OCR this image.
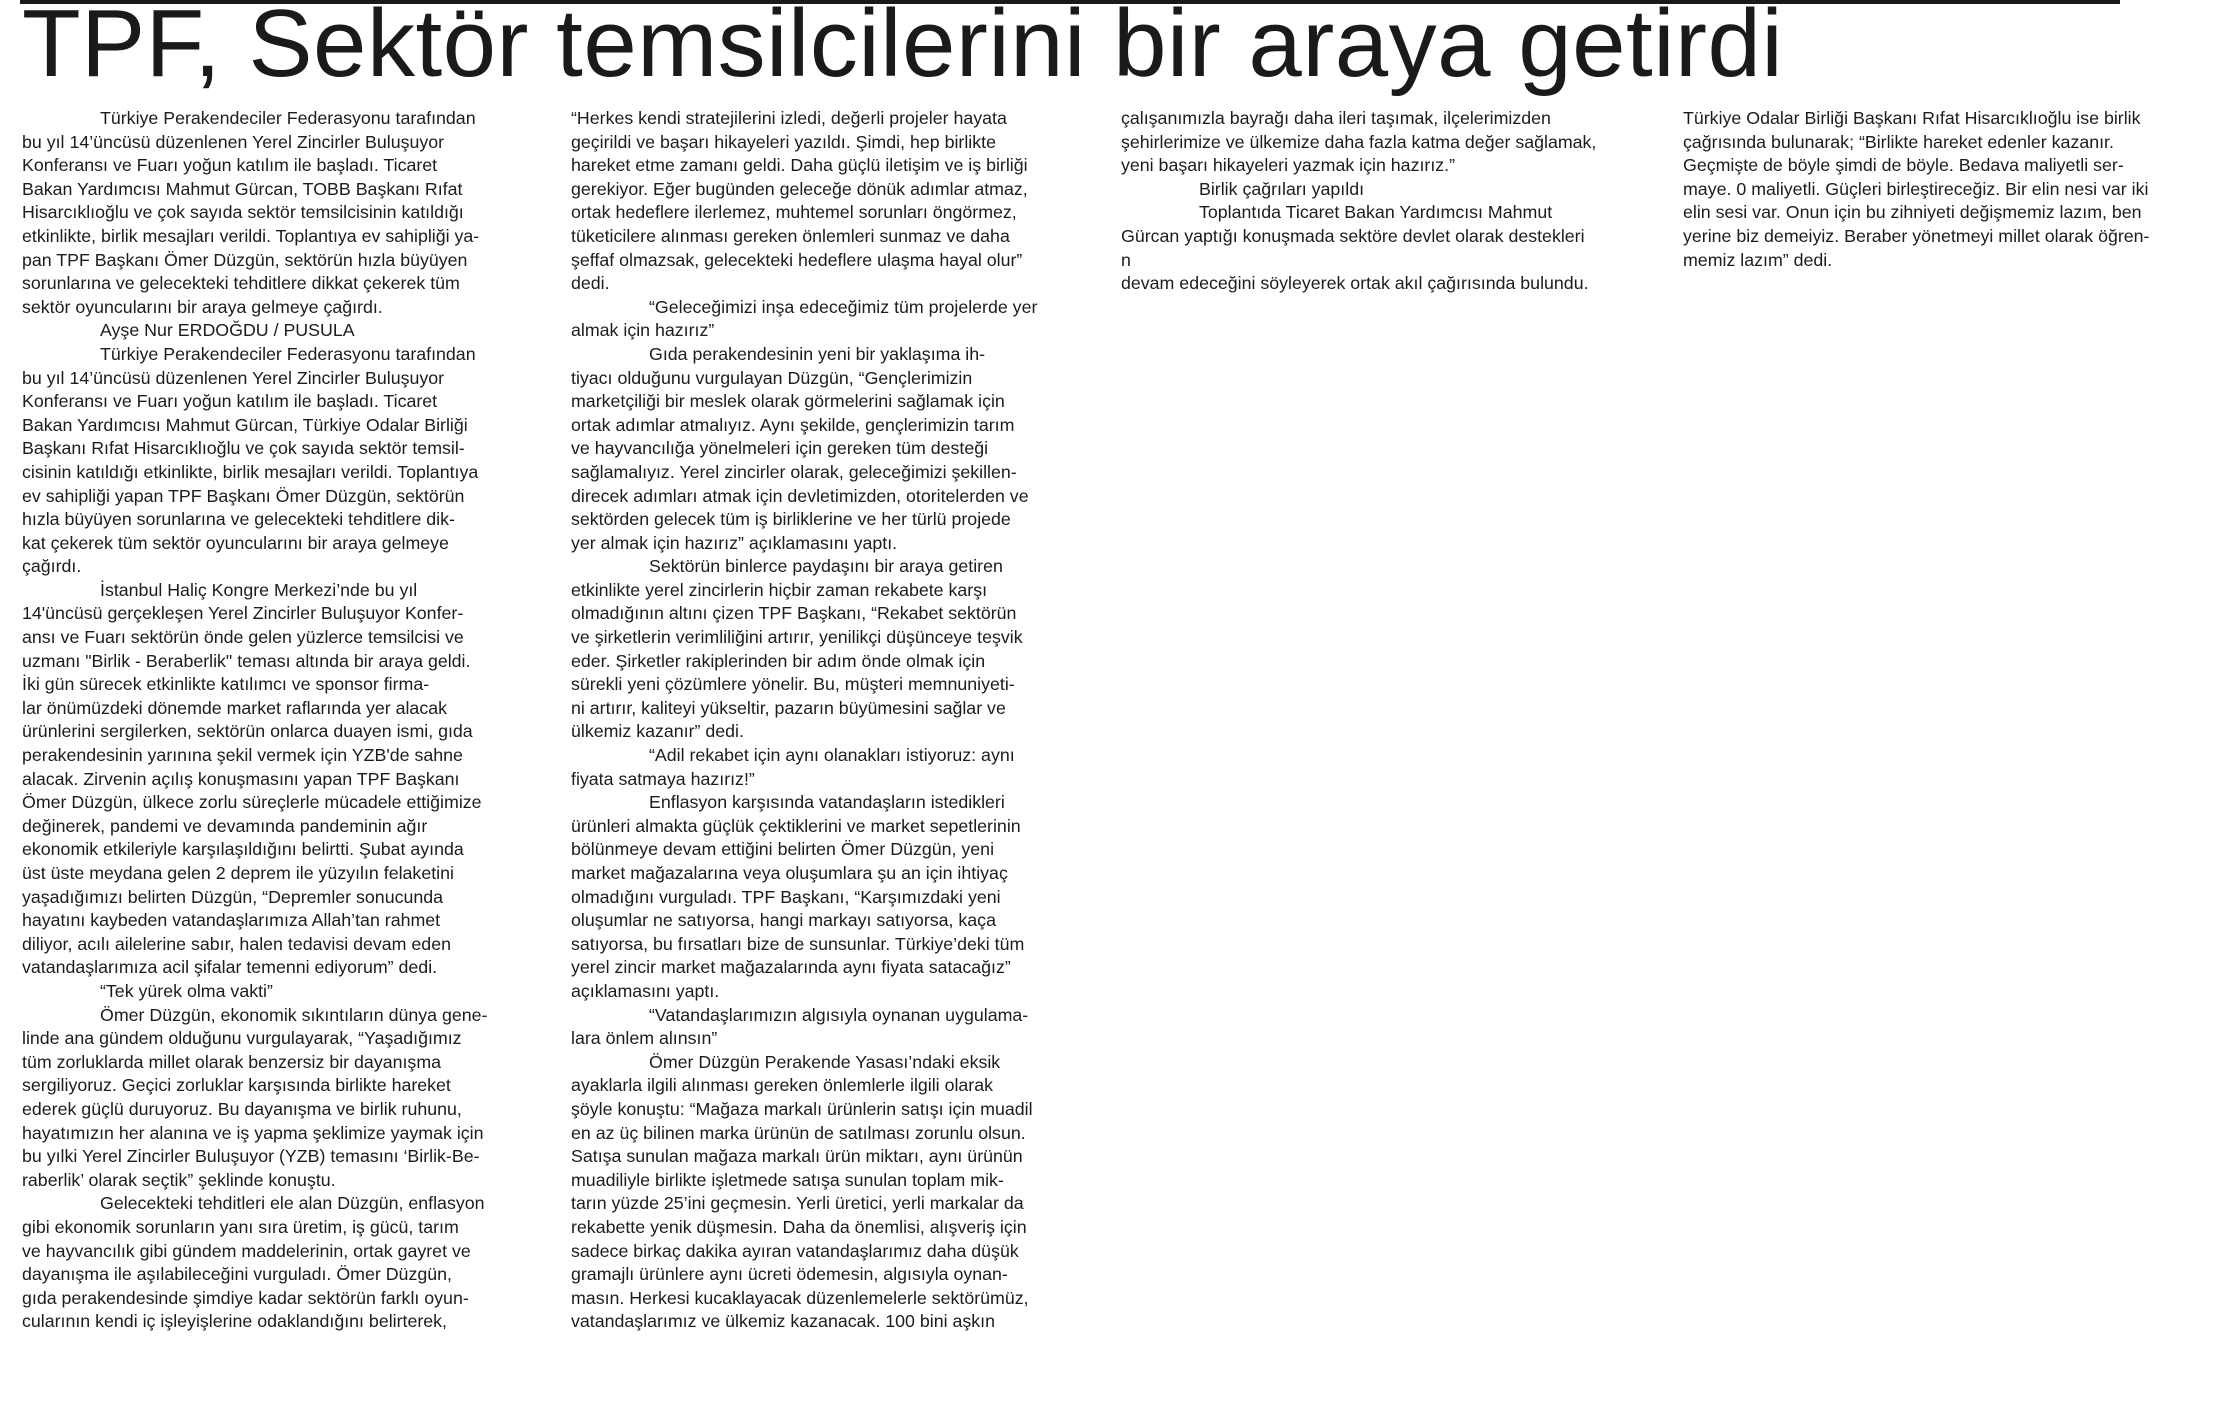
TPF, Sektör temsilcilerini bir araya getirdi

Türkiye Perakendeciler Federasyonu tarafından
bu yıl 14’üncüsü düzenlenen Yerel Zincirler Buluşuyor
Konferansı ve Fuarı yoğun katılım ile başladı. Ticaret
Bakan Yardımcısı Mahmut Gürcan, TOBB Başkanı Rıfat
Hisarcıklıoğlu ve çok sayıda sektör temsilcisinin katıldığı
etkinlikte, birlik mesajları verildi. Toplantıya ev sahipliği ya-
pan TPF Başkanı Ömer Düzgün, sektörün hızla büyüyen
sorunlarına ve gelecekteki tehditlere dikkat çekerek tüm
sektör oyuncularını bir araya gelmeye çağırdı.

Ayşe Nur ERDOĞDU / PUSULA

Türkiye Perakendeciler Federasyonu tarafından
bu yıl 14’üncüsü düzenlenen Yerel Zincirler Buluşuyor
Konferansı ve Fuarı yoğun katılım ile başladı. Ticaret
Bakan Yardımcısı Mahmut Gürcan, Türkiye Odalar Birliği
Başkanı Rıfat Hisarcıklıoğlu ve çok sayıda sektör temsil-
cisinin katıldığı etkinlikte, birlik mesajları verildi. Toplantıya
ev sahipliği yapan TPF Başkanı Ömer Düzgün, sektörün
hızla büyüyen sorunlarına ve gelecekteki tehditlere dik-
kat çekerek tüm sektör oyuncularını bir araya gelmeye
çağırdı.

İstanbul Haliç Kongre Merkezi’nde bu yıl
14'üncüsü gerçekleşen Yerel Zincirler Buluşuyor Konfer-
ansı ve Fuarı sektörün önde gelen yüzlerce temsilcisi ve
uzmanı "Birlik - Beraberlik" teması altında bir araya geldi.
İki gün sürecek etkinlikte katılımcı ve sponsor firma-
lar önümüzdeki dönemde market raflarında yer alacak
ürünlerini sergilerken, sektörün onlarca duayen ismi, gıda
perakendesinin yarınına şekil vermek için YZB'de sahne
alacak. Zirvenin açılış konuşmasını yapan TPF Başkanı
Ömer Düzgün, ülkece zorlu süreçlerle mücadele ettiğimize
değinerek, pandemi ve devamında pandeminin ağır
ekonomik etkileriyle karşılaşıldığını belirtti. Şubat ayında
üst üste meydana gelen 2 deprem ile yüzyılın felaketini
yaşadığımızı belirten Düzgün, “Depremler sonucunda
hayatını kaybeden vatandaşlarımıza Allah’tan rahmet
diliyor, acılı ailelerine sabır, halen tedavisi devam eden
vatandaşlarımıza acil şifalar temenni ediyorum” dedi.

“Tek yürek olma vakti”

Ömer Düzgün, ekonomik sıkıntıların dünya gene-
linde ana gündem olduğunu vurgulayarak, “Yaşadığımız
tüm zorluklarda millet olarak benzersiz bir dayanışma
sergiliyoruz. Geçici zorluklar karşısında birlikte hareket
ederek güçlü duruyoruz. Bu dayanışma ve birlik ruhunu,
hayatımızın her alanına ve iş yapma şeklimize yaymak için
bu yılki Yerel Zincirler Buluşuyor (YZB) temasını ‘Birlik-Be-
raberlik’ olarak seçtik” şeklinde konuştu.

Gelecekteki tehditleri ele alan Düzgün, enflasyon
gibi ekonomik sorunların yanı sıra üretim, iş gücü, tarım
ve hayvancılık gibi gündem maddelerinin, ortak gayret ve
dayanışma ile aşılabileceğini vurguladı. Ömer Düzgün,
gıda perakendesinde şimdiye kadar sektörün farklı oyun-
cularının kendi iç işleyişlerine odaklandığını belirterek,

“Herkes kendi stratejilerini izledi, değerli projeler hayata
geçirildi ve başarı hikayeleri yazıldı. Şimdi, hep birlikte
hareket etme zamanı geldi. Daha güçlü iletişim ve iş birliği
gerekiyor. Eğer bugünden geleceğe dönük adımlar atmaz,
ortak hedeflere ilerlemez, muhtemel sorunları öngörmez,
tüketicilere alınması gereken önlemleri sunmaz ve daha
şeffaf olmazsak, gelecekteki hedeflere ulaşma hayal olur”
dedi.

“Geleceğimizi inşa edeceğimiz tüm projelerde yer
almak için hazırız”

Gıda perakendesinin yeni bir yaklaşıma ih-
tiyacı olduğunu vurgulayan Düzgün, “Gençlerimizin
marketçiliği bir meslek olarak görmelerini sağlamak için
ortak adımlar atmalıyız. Aynı şekilde, gençlerimizin tarım
ve hayvancılığa yönelmeleri için gereken tüm desteği
sağlamalıyız. Yerel zincirler olarak, geleceğimizi şekillen-
direcek adımları atmak için devletimizden, otoritelerden ve
sektörden gelecek tüm iş birliklerine ve her türlü projede
yer almak için hazırız” açıklamasını yaptı.

Sektörün binlerce paydaşını bir araya getiren
etkinlikte yerel zincirlerin hiçbir zaman rekabete karşı
olmadığının altını çizen TPF Başkanı, “Rekabet sektörün
ve şirketlerin verimliliğini artırır, yenilikçi düşünceye teşvik
eder. Şirketler rakiplerinden bir adım önde olmak için
sürekli yeni çözümlere yönelir. Bu, müşteri memnuniyeti-
ni artırır, kaliteyi yükseltir, pazarın büyümesini sağlar ve
ülkemiz kazanır” dedi.

“Adil rekabet için aynı olanakları istiyoruz: aynı
fiyata satmaya hazırız!”

Enflasyon karşısında vatandaşların istedikleri
ürünleri almakta güçlük çektiklerini ve market sepetlerinin
bölünmeye devam ettiğini belirten Ömer Düzgün, yeni
market mağazalarına veya oluşumlara şu an için ihtiyaç
olmadığını vurguladı. TPF Başkanı, “Karşımızdaki yeni
oluşumlar ne satıyorsa, hangi markayı satıyorsa, kaça
satıyorsa, bu fırsatları bize de sunsunlar. Türkiye’deki tüm
yerel zincir market mağazalarında aynı fiyata satacağız”
açıklamasını yaptı.

“Vatandaşlarımızın algısıyla oynanan uygulama-
lara önlem alınsın”

Ömer Düzgün Perakende Yasası’ndaki eksik
ayaklarla ilgili alınması gereken önlemlerle ilgili olarak
şöyle konuştu: “Mağaza markalı ürünlerin satışı için muadil
en az üç bilinen marka ürünün de satılması zorunlu olsun.
Satışa sunulan mağaza markalı ürün miktarı, aynı ürünün
muadiliyle birlikte işletmede satışa sunulan toplam mik-
tarın yüzde 25’ini geçmesin. Yerli üretici, yerli markalar da
rekabette yenik düşmesin. Daha da önemlisi, alışveriş için
sadece birkaç dakika ayıran vatandaşlarımız daha düşük
gramajlı ürünlere aynı ücreti ödemesin, algısıyla oynan-
masın. Herkesi kucaklayacak düzenlemelerle sektörümüz,
vatandaşlarımız ve ülkemiz kazanacak. 100 bini aşkın

çalışanımızla bayrağı daha ileri taşımak, ilçelerimizden
şehirlerimize ve ülkemize daha fazla katma değer sağlamak,
yeni başarı hikayeleri yazmak için hazırız.”

Birlik çağrıları yapıldı

Toplantıda Ticaret Bakan Yardımcısı Mahmut
Gürcan yaptığı konuşmada sektöre devlet olarak destekleri
n
devam edeceğini söyleyerek ortak akıl çağırısında bulundu.

Türkiye Odalar Birliği Başkanı Rıfat Hisarcıklıoğlu ise birlik
çağrısında bulunarak; “Birlikte hareket edenler kazanır.
Geçmişte de böyle şimdi de böyle. Bedava maliyetli ser-
maye. 0 maliyetli. Güçleri birleştireceğiz. Bir elin nesi var iki
elin sesi var. Onun için bu zihniyeti değişmemiz lazım, ben
yerine biz demeiyiz. Beraber yönetmeyi millet olarak öğren-
memiz lazım” dedi.
